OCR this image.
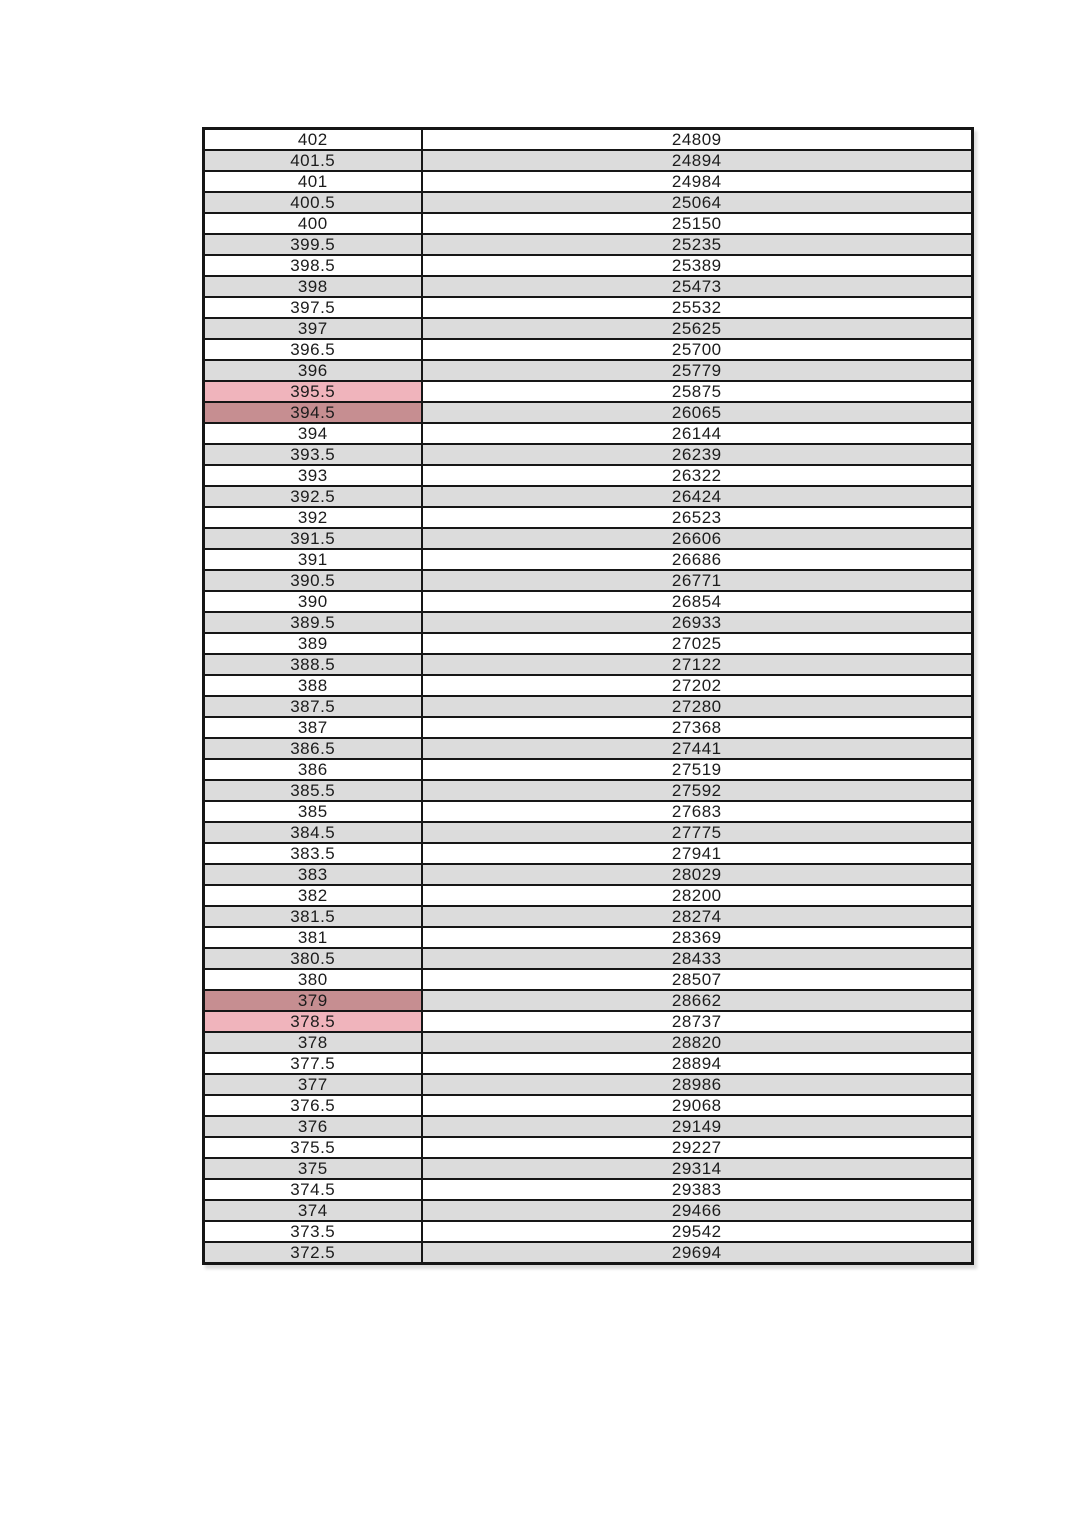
402	24809
401.5	24894
401	24984
400.5	25064
400	25150
399.5	25235
398.5	25389
398	25473
397.5	25532
397	25625
396.5	25700
396	25779
395.5	25875
394.5	26065
394	26144
393.5	26239
393	26322
392.5	26424
392	26523
391.5	26606
391	26686
390.5	26771
390	26854
389.5	26933
389	27025
388.5	27122
388	27202
387.5	27280
387	27368
386.5	27441
386	27519
385.5	27592
385	27683
384.5	27775
383.5	27941
383	28029
382	28200
381.5	28274
381	28369
380.5	28433
380	28507
379	28662
378.5	28737
378	28820
377.5	28894
377	28986
376.5	29068
376	29149
375.5	29227
375	29314
374.5	29383
374	29466
373.5	29542
372.5	29694
